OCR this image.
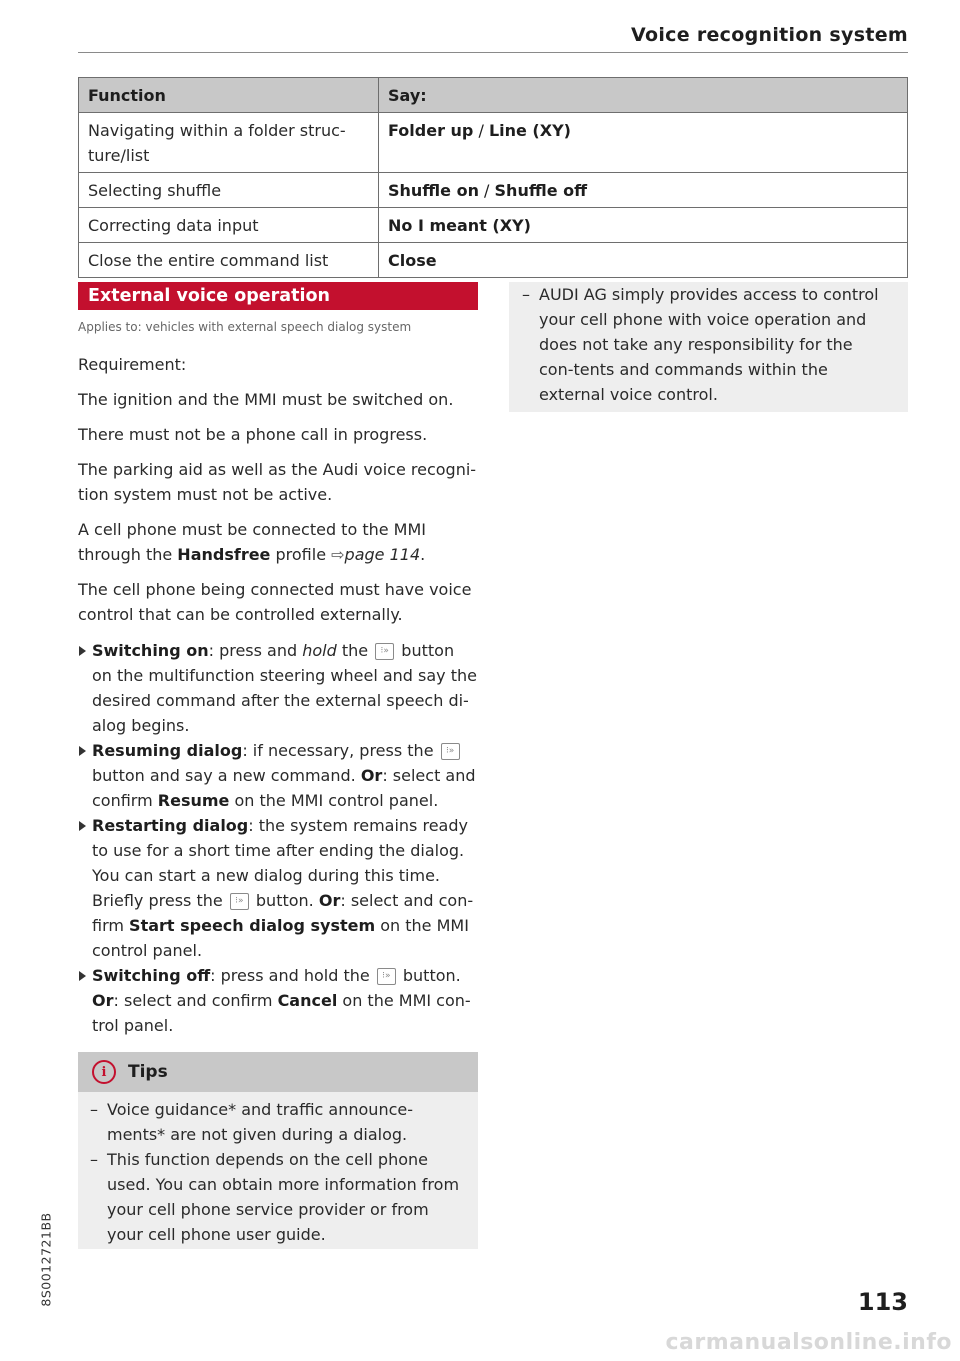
Voice recognition system
Function	Say:
Navigating within a folder struc-
ture/list	Folder up / Line (XY)
Selecting shuffle	Shuffle on / Shuffle off
Correcting data input	No I meant (XY)
Close the entire command list	Close
External voice operation
Applies to: vehicles with external speech dialog system

Requirement:

The ignition and the MMI must be switched on.

There must not be a phone call in progress.

The parking aid as well as the Audi voice recogni-
tion system must not be active.

A cell phone must be connected to the MMI through the Handsfree profile ⇨page 114.

The cell phone being connected must have voice control that can be controlled externally.

Switching on: press and hold the ⁝» button on the multifunction steering wheel and say the desired command after the external speech di-alog begins.
Resuming dialog: if necessary, press the ⁝» button and say a new command. Or: select and confirm Resume on the MMI control panel.
Restarting dialog: the system remains ready to use for a short time after ending the dialog. You can start a new dialog during this time. Briefly press the ⁝» button. Or: select and con-firm Start speech dialog system on the MMI control panel.
Switching off: press and hold the ⁝» button. Or: select and confirm Cancel on the MMI con-trol panel.
i	Tips
– Voice guidance* and traffic announce-ments* are not given during a dialog.
– This function depends on the cell phone used. You can obtain more information from your cell phone service provider or from your cell phone user guide.
– AUDI AG simply provides access to control your cell phone with voice operation and does not take any responsibility for the con-tents and commands within the external voice control.
8S0012721BB	113
carmanualsonline.info
